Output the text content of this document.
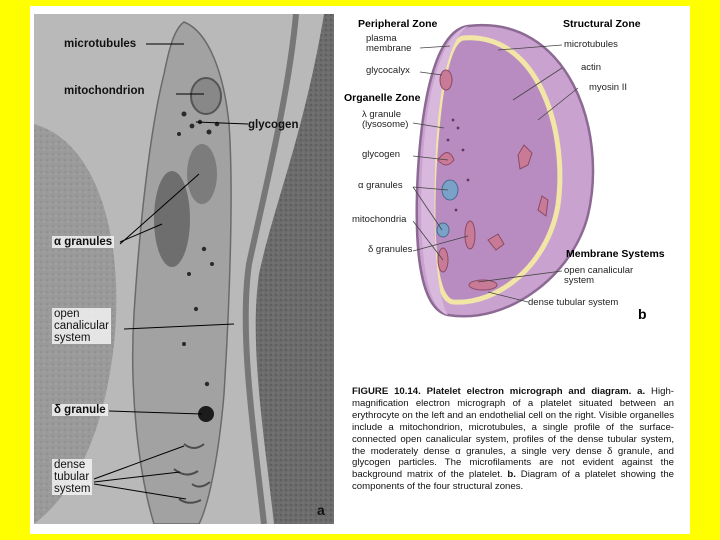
microtubules
mitochondrion
glycogen
α granules
open
canalicular
system
δ granule
dense
tubular
system
a
Peripheral Zone	Structural Zone
Organelle Zone
Membrane Systems
plasma
membrane
glycocalyx
λ granule
(lysosome)
glycogen
α granules
mitochondria
δ granules
microtubules
actin
myosin II
open canalicular
system
dense tubular system
b
FIGURE 10.14. Platelet electron micrograph and diagram. a. High-magnification electron micrograph of a platelet situated between an erythrocyte on the left and an endothelial cell on the right. Visible organelles include a mitochondrion, microtubules, a single profile of the surface-connected open canalicular system, profiles of the dense tubular system, the moderately dense α granules, a single very dense δ granule, and glycogen particles. The microfilaments are not evident against the background matrix of the platelet. b. Diagram of a platelet showing the components of the four structural zones.
